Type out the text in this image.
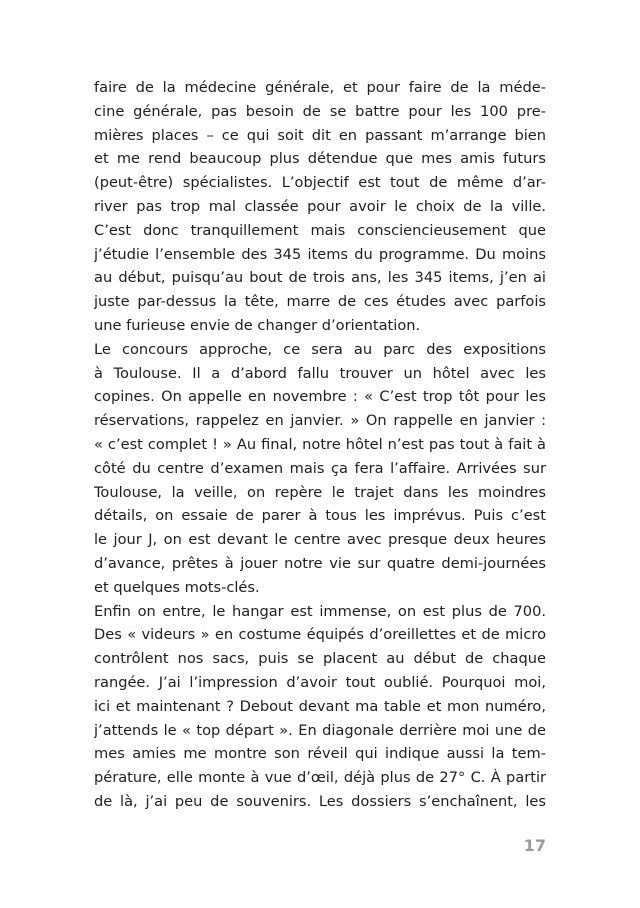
faire de la médecine générale, et pour faire de la méde-
cine générale, pas besoin de se battre pour les 100 pre-
mières places – ce qui soit dit en passant m’arrange bien
et me rend beaucoup plus détendue que mes amis futurs
(peut-être) spécialistes. L’objectif est tout de même d’ar-
river pas trop mal classée pour avoir le choix de la ville.
C’est donc tranquillement mais consciencieusement que
j’étudie l’ensemble des 345 items du programme. Du moins
au début, puisqu’au bout de trois ans, les 345 items, j’en ai
juste par-dessus la tête, marre de ces études avec parfois
une furieuse envie de changer d’orientation.
Le concours approche, ce sera au parc des expositions
à Toulouse. Il a d’abord fallu trouver un hôtel avec les
copines. On appelle en novembre : « C’est trop tôt pour les
réservations, rappelez en janvier. » On rappelle en janvier :
« c’est complet ! » Au final, notre hôtel n’est pas tout à fait à
côté du centre d’examen mais ça fera l’affaire. Arrivées sur
Toulouse, la veille, on repère le trajet dans les moindres
détails, on essaie de parer à tous les imprévus. Puis c’est
le jour J, on est devant le centre avec presque deux heures
d’avance, prêtes à jouer notre vie sur quatre demi-journées
et quelques mots-clés.
Enfin on entre, le hangar est immense, on est plus de 700.
Des « videurs » en costume équipés d’oreillettes et de micro
contrôlent nos sacs, puis se placent au début de chaque
rangée. J’ai l’impression d’avoir tout oublié. Pourquoi moi,
ici et maintenant ? Debout devant ma table et mon numéro,
j’attends le « top départ ». En diagonale derrière moi une de
mes amies me montre son réveil qui indique aussi la tem-
pérature, elle monte à vue d’œil, déjà plus de 27° C. À partir
de là, j’ai peu de souvenirs. Les dossiers s’enchaînent, les
17
